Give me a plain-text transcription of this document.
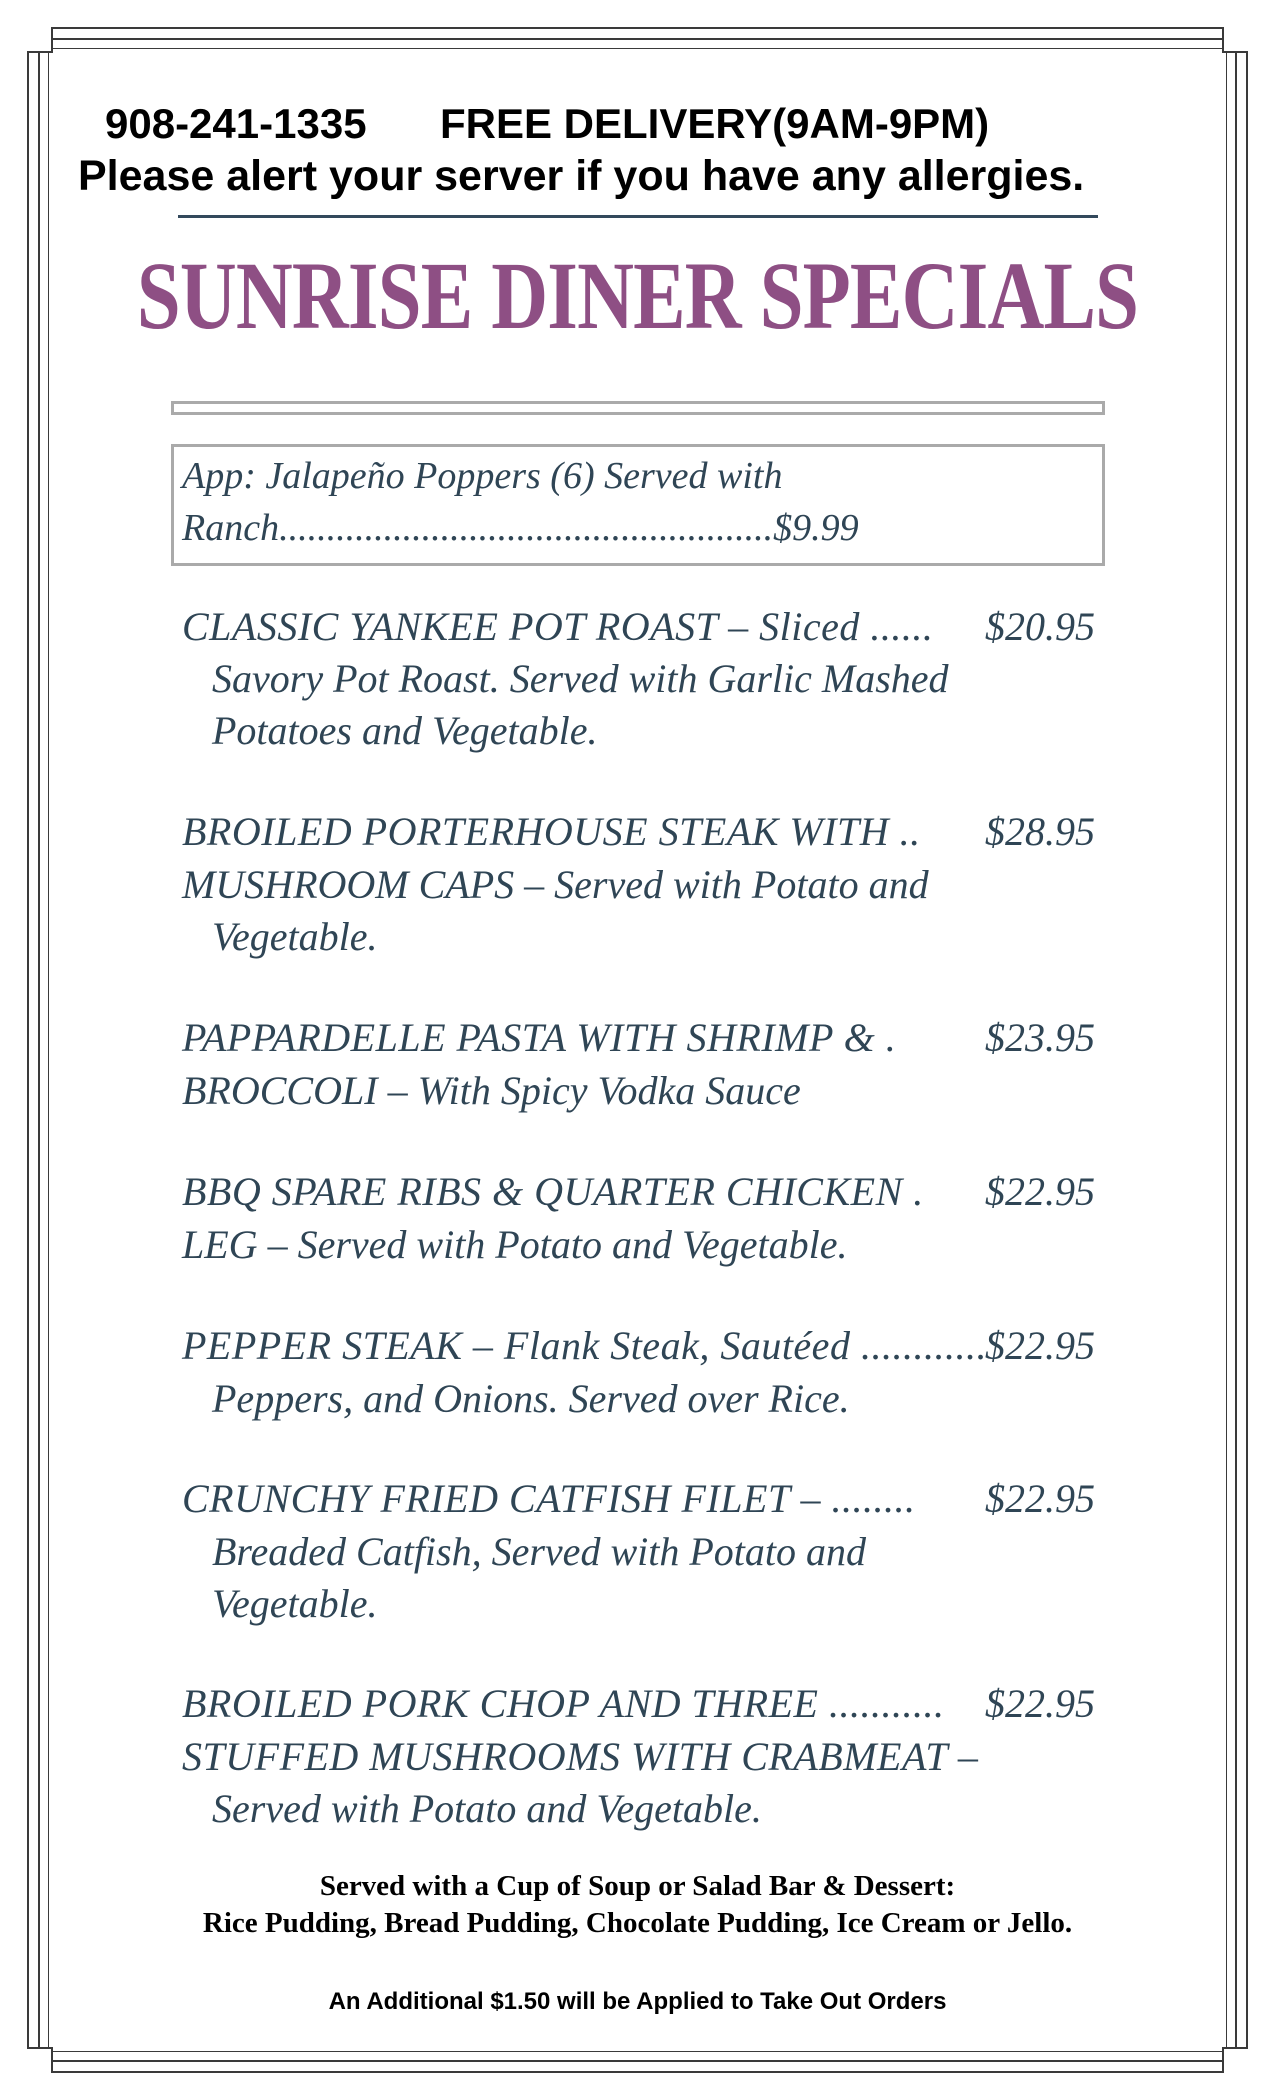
908-241-1335 FREE DELIVERY(9AM-9PM)
Please alert your server if you have any allergies.
SUNRISE DINER SPECIALS
App: Jalapeño Poppers (6) Served with
Ranch....................................................$9.99
CLASSIC YANKEE POT ROAST – Sliced ...... $20.95
Savory Pot Roast. Served with Garlic Mashed
Potatoes and Vegetable.
BROILED PORTERHOUSE STEAK WITH .. $28.95
MUSHROOM CAPS – Served with Potato and
Vegetable.
PAPPARDELLE PASTA WITH SHRIMP & . $23.95
BROCCOLI – With Spicy Vodka Sauce
BBQ SPARE RIBS & QUARTER CHICKEN . $22.95
LEG – Served with Potato and Vegetable.
PEPPER STEAK – Flank Steak, Sautéed ............
$22.95
Peppers, and Onions. Served over Rice.
CRUNCHY FRIED CATFISH FILET – ........ $22.95
Breaded Catfish, Served with Potato and
Vegetable.
BROILED PORK CHOP AND THREE ........... $22.95
STUFFED MUSHROOMS WITH CRABMEAT –
Served with Potato and Vegetable.
Served with a Cup of Soup or Salad Bar & Dessert:
Rice Pudding, Bread Pudding, Chocolate Pudding, Ice Cream or Jello.
An Additional $1.50 will be Applied to Take Out Orders
